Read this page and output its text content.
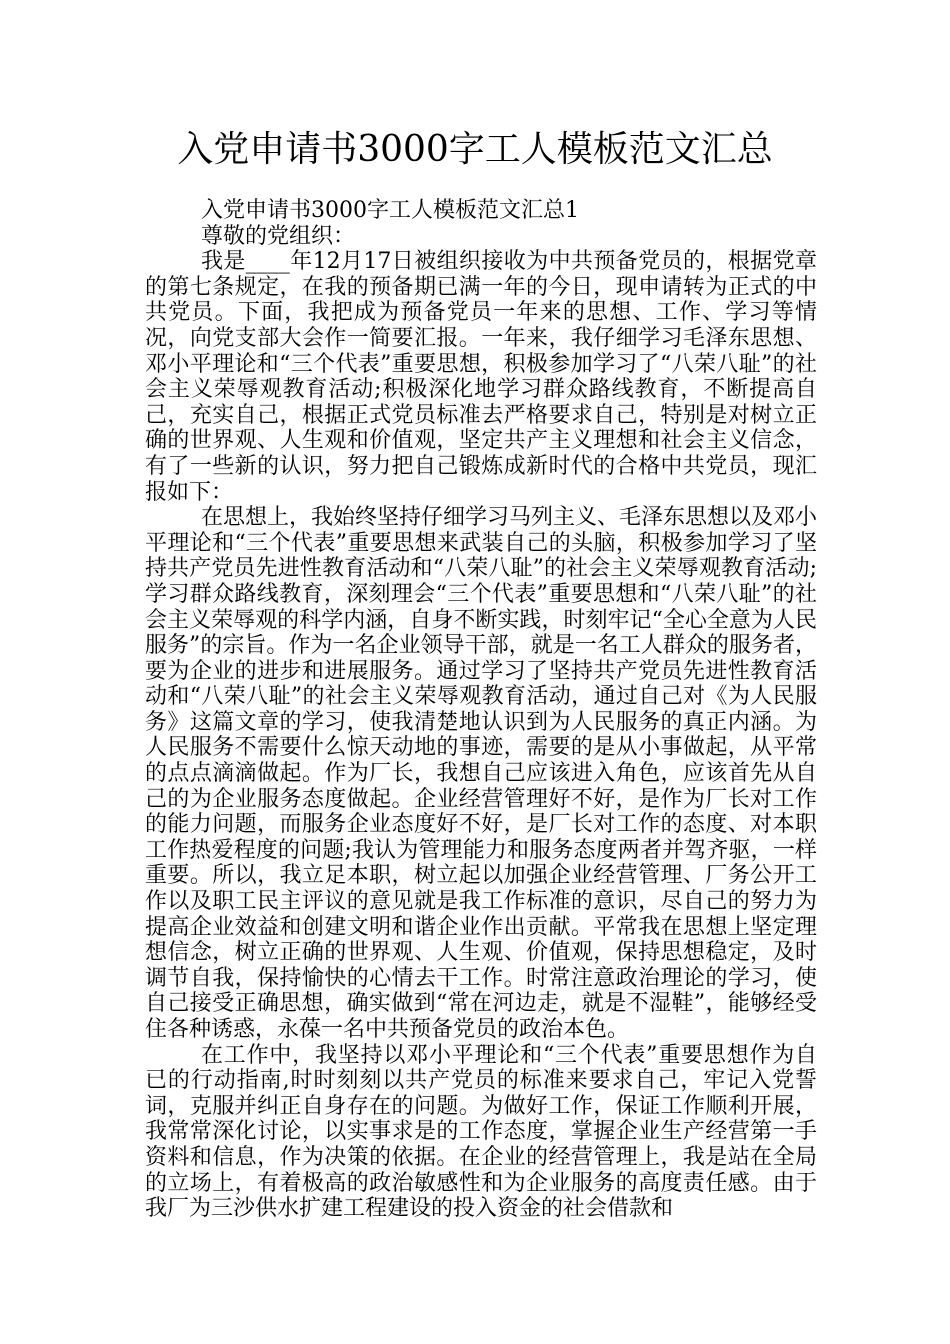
入党申请书3000字工人模板范文汇总

入党申请书3000字工人模板范文汇总1

尊敬的党组织：

我是____年12月17日被组织接收为中共预备党员的，根据党章的第七条规定，在我的预备期已满一年的今日，现申请转为正式的中共党员。下面，我把成为预备党员一年来的思想、工作、学习等情况，向党支部大会作一简要汇报。一年来，我仔细学习毛泽东思想、邓小平理论和“三个代表”重要思想，积极参加学习了“八荣八耻”的社会主义荣辱观教育活动;积极深化地学习群众路线教育，不断提高自己，充实自己，根据正式党员标准去严格要求自己，特别是对树立正确的世界观、人生观和价值观，坚定共产主义理想和社会主义信念，有了一些新的认识，努力把自己锻炼成新时代的合格中共党员，现汇报如下：

在思想上，我始终坚持仔细学习马列主义、毛泽东思想以及邓小平理论和“三个代表”重要思想来武装自己的头脑，积极参加学习了坚持共产党员先进性教育活动和“八荣八耻”的社会主义荣辱观教育活动;学习群众路线教育，深刻理会“三个代表”重要思想和“八荣八耻”的社会主义荣辱观的科学内涵，自身不断实践，时刻牢记“全心全意为人民服务”的宗旨。作为一名企业领导干部，就是一名工人群众的服务者，要为企业的进步和进展服务。通过学习了坚持共产党员先进性教育活动和“八荣八耻”的社会主义荣辱观教育活动，通过自己对《为人民服务》这篇文章的学习，使我清楚地认识到为人民服务的真正内涵。为人民服务不需要什么惊天动地的事迹，需要的是从小事做起，从平常的点点滴滴做起。作为厂长，我想自己应该进入角色，应该首先从自己的为企业服务态度做起。企业经营管理好不好，是作为厂长对工作的能力问题，而服务企业态度好不好，是厂长对工作的态度、对本职工作热爱程度的问题;我认为管理能力和服务态度两者并驾齐驱，一样重要。所以，我立足本职，树立起以加强企业经营管理、厂务公开工作以及职工民主评议的意见就是我工作标准的意识，尽自己的努力为提高企业效益和创建文明和谐企业作出贡献。平常我在思想上坚定理想信念，树立正确的世界观、人生观、价值观，保持思想稳定，及时调节自我，保持愉快的心情去干工作。时常注意政治理论的学习，使自己接受正确思想，确实做到“常在河边走，就是不湿鞋”，能够经受住各种诱惑，永葆一名中共预备党员的政治本色。

在工作中，我坚持以邓小平理论和“三个代表”重要思想作为自已的行动指南,时时刻刻以共产党员的标准来要求自己，牢记入党誓词，克服并纠正自身存在的问题。为做好工作，保证工作顺利开展，我常常深化讨论，以实事求是的工作态度，掌握企业生产经营第一手资料和信息，作为决策的依据。在企业的经营管理上，我是站在全局的立场上，有着极高的政治敏感性和为企业服务的高度责任感。由于我厂为三沙供水扩建工程建设的投入资金的社会借款和
